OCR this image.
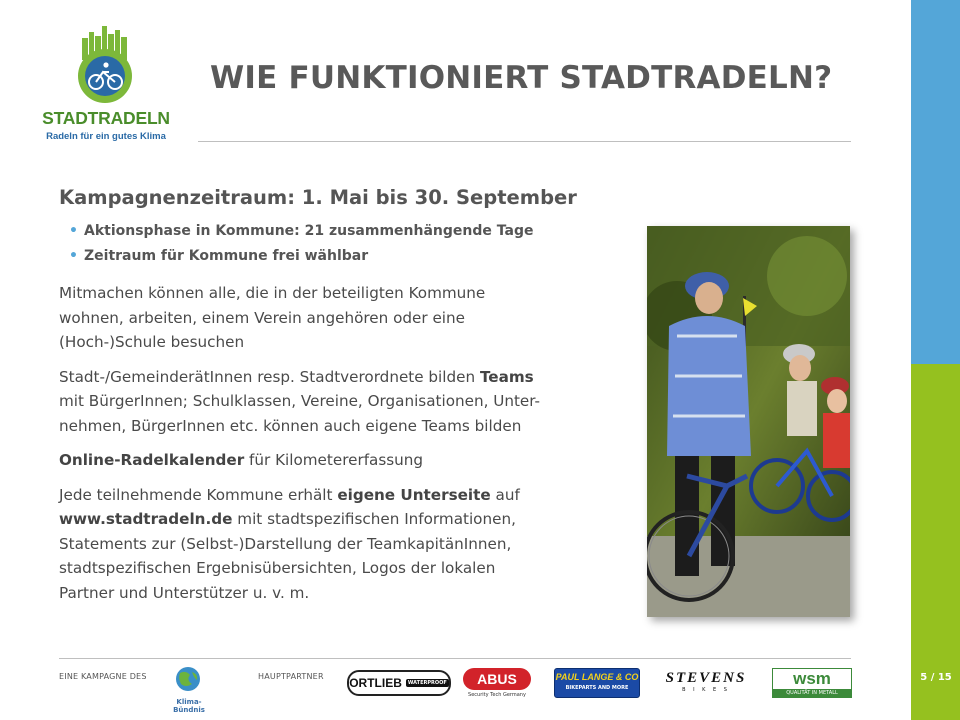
5 / 15
STADTRADELN
Radeln für ein gutes Klima
WIE FUNKTIONIERT STADTRADELN?
Kampagnenzeitraum: 1. Mai bis 30. September
• Aktionsphase in Kommune: 21 zusammenhängende Tage
• Zeitraum für Kommune frei wählbar

Mitmachen können alle, die in der beteiligten Kommune
wohnen, arbeiten, einem Verein angehören oder eine
(Hoch-)Schule besuchen

Stadt-/GemeinderätInnen resp. Stadtverordnete bilden Teams
mit BürgerInnen; Schulklassen, Vereine, Organisationen, Unter-
nehmen, BürgerInnen etc. können auch eigene Teams bilden

Online-Radelkalender für Kilometererfassung

Jede teilnehmende Kommune erhält eigene Unterseite auf
www.stadtradeln.de mit stadtspezifischen Informationen,
Statements zur (Selbst-)Darstellung der TeamkapitänInnen,
stadtspezifischen Ergebnisübersichten, Logos der lokalen
Partner und Unterstützer u. v. m.

EINE KAMPAGNE DES
Klima-Bündnis
HAUPTPARTNER ORTLIEB	WATERPROOF	ABUS
Security Tech Germany
PAUL LANGE & CO
BIKEPARTS AND MORE
STEVENS
B I K E S
wsm
QUALITÄT IN METALL
